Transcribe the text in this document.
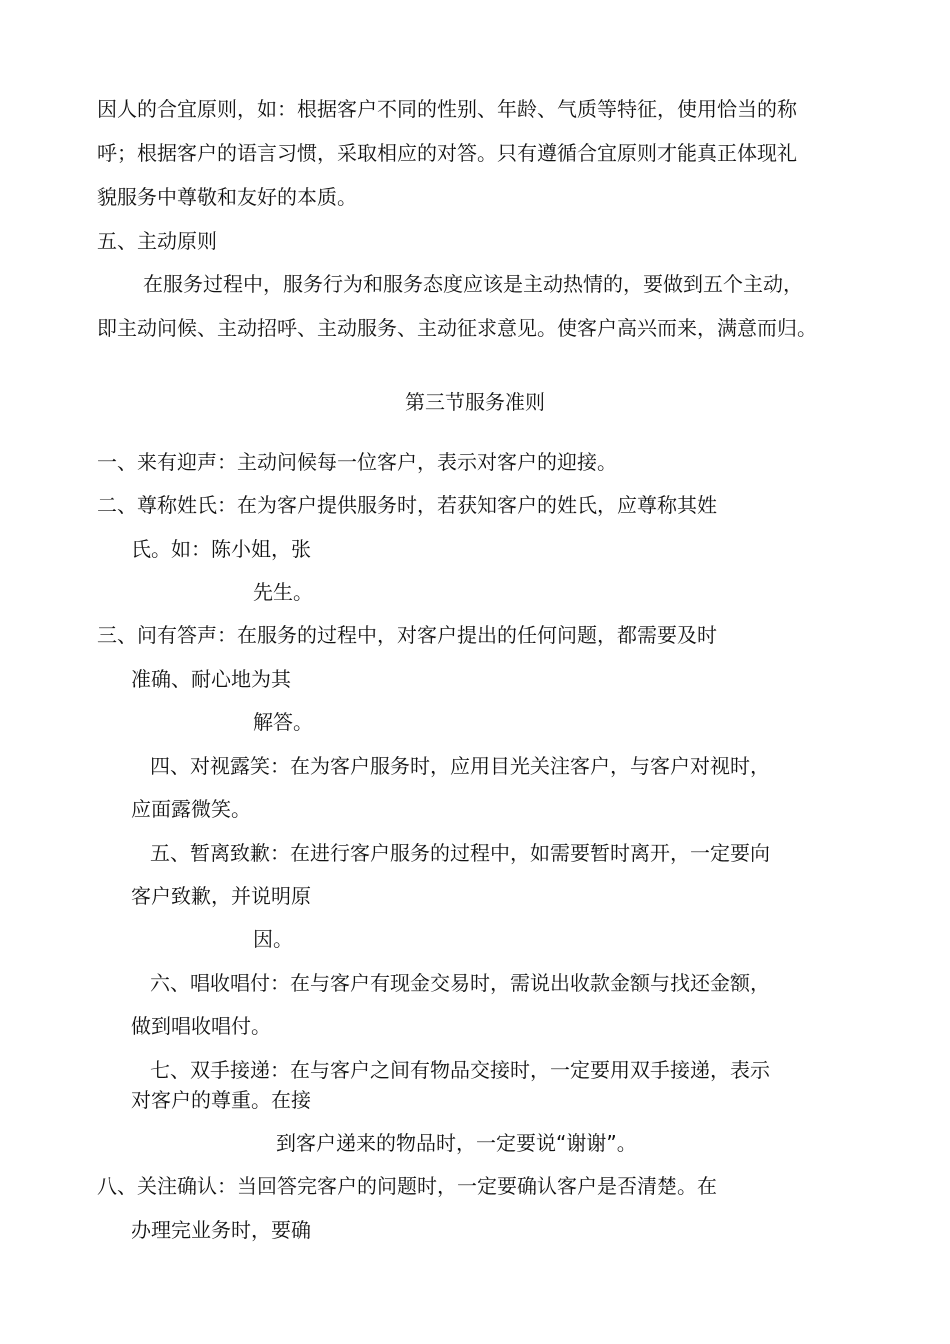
因人的合宜原则，如：根据客户不同的性别、年龄、气质等特征，使用恰当的称

呼；根据客户的语言习惯，采取相应的对答。只有遵循合宜原则才能真正体现礼

貌服务中尊敬和友好的本质。

五、主动原则

在服务过程中，服务行为和服务态度应该是主动热情的，要做到五个主动，

即主动问候、主动招呼、主动服务、主动征求意见。使客户高兴而来，满意而归。

第三节服务准则

一、来有迎声：主动问候每一位客户，表示对客户的迎接。

二、尊称姓氏：在为客户提供服务时，若获知客户的姓氏，应尊称其姓

氏。如：陈小姐，张

先生。

三、问有答声：在服务的过程中，对客户提出的任何问题，都需要及时

准确、耐心地为其

解答。

四、对视露笑：在为客户服务时，应用目光关注客户，与客户对视时，

应面露微笑。

五、暂离致歉：在进行客户服务的过程中，如需要暂时离开，一定要向

客户致歉，并说明原

因。

六、唱收唱付：在与客户有现金交易时，需说出收款金额与找还金额，

做到唱收唱付。

七、双手接递：在与客户之间有物品交接时，一定要用双手接递，表示

对客户的尊重。在接

到客户递来的物品时，一定要说“谢谢”。

八、关注确认：当回答完客户的问题时，一定要确认客户是否清楚。在

办理完业务时，要确
